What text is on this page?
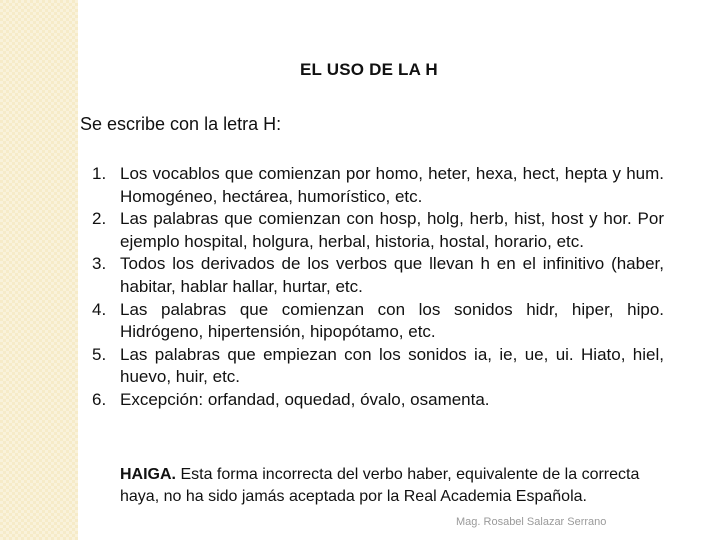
EL USO DE LA H
Se escribe con la letra H:
1. Los vocablos que comienzan por homo, heter, hexa, hect, hepta y hum. Homogéneo, hectárea, humorístico, etc.
2. Las palabras que comienzan con hosp, holg, herb, hist, host y hor. Por ejemplo hospital, holgura, herbal, historia, hostal, horario, etc.
3. Todos los derivados de los verbos que llevan h en el infinitivo (haber, habitar, hablar hallar, hurtar, etc.
4. Las palabras que comienzan con los sonidos hidr, hiper, hipo. Hidrógeno, hipertensión, hipopótamo, etc.
5. Las palabras que empiezan con los sonidos ia, ie, ue, ui. Hiato, hiel, huevo, huir, etc.
6. Excepción: orfandad, oquedad, óvalo, osamenta.
HAIGA. Esta forma incorrecta del verbo haber, equivalente de la correcta haya, no ha sido jamás aceptada por la Real Academia Española.
Mag. Rosabel Salazar Serrano
